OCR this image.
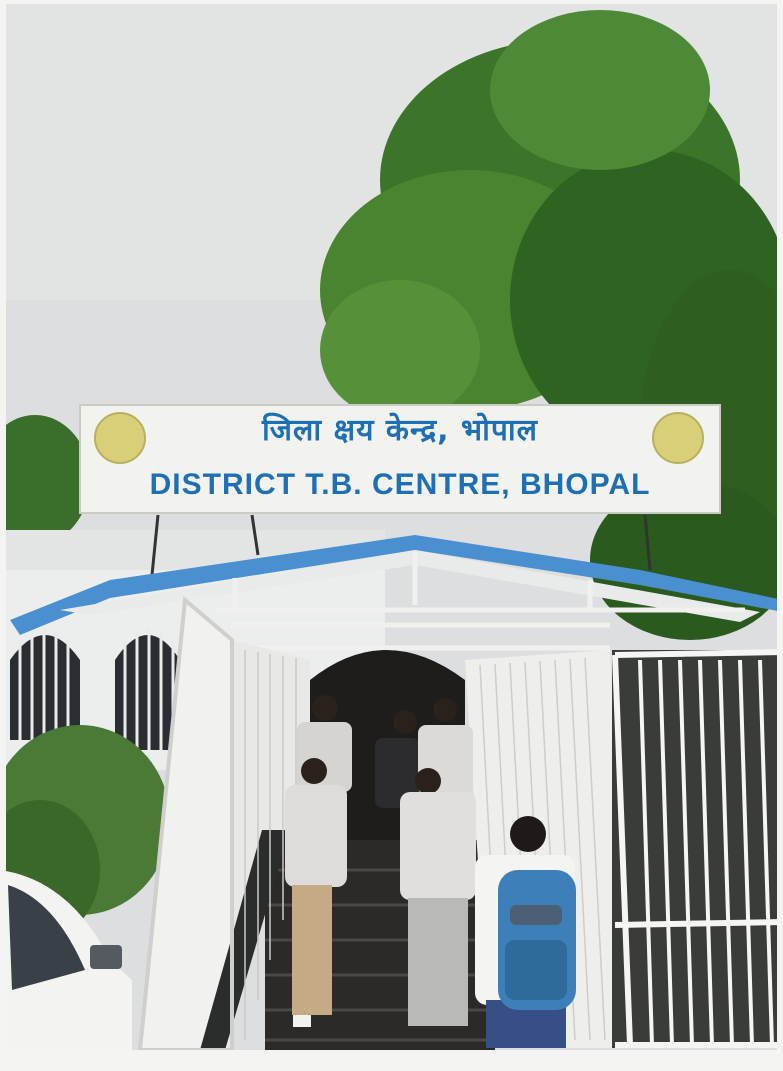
जिला क्षय केन्द्र, भोपाल
DISTRICT T.B. CENTRE, BHOPAL
